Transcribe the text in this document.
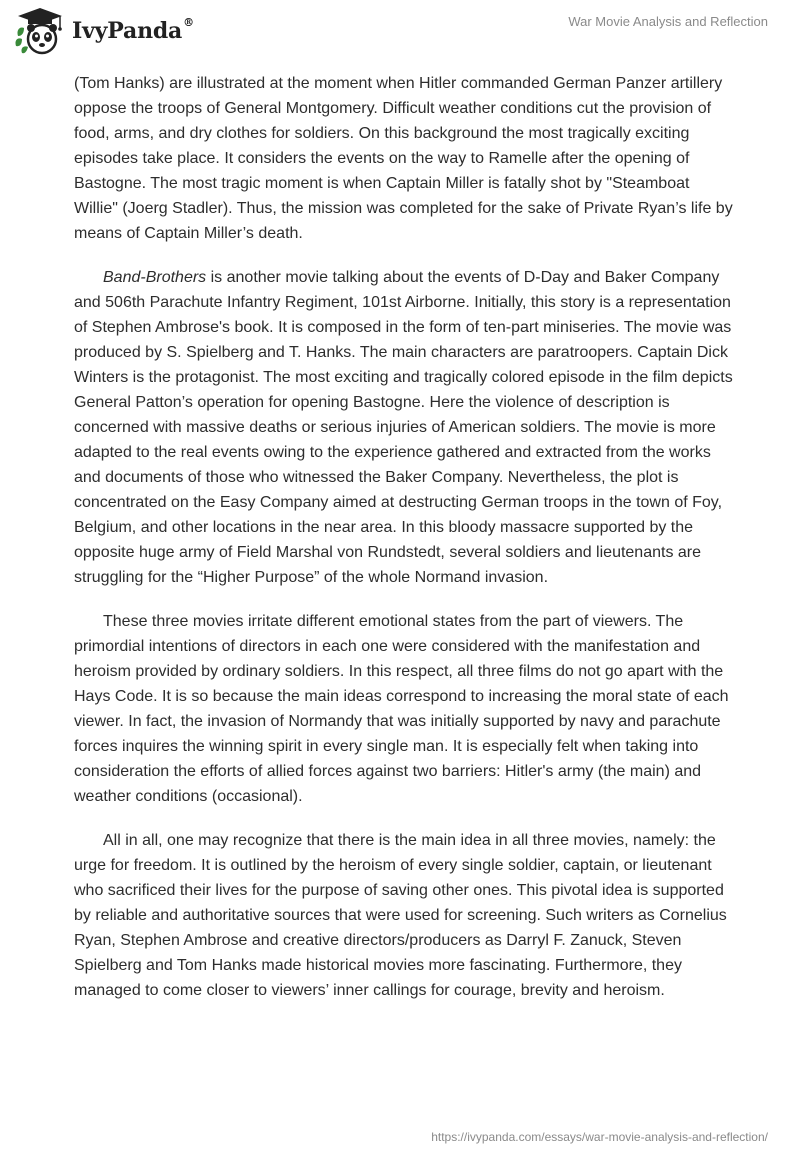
IvyPanda®	War Movie Analysis and Reflection

(Tom Hanks) are illustrated at the moment when Hitler commanded German Panzer artillery oppose the troops of General Montgomery. Difficult weather conditions cut the provision of food, arms, and dry clothes for soldiers. On this background the most tragically exciting episodes take place. It considers the events on the way to Ramelle after the opening of Bastogne. The most tragic moment is when Captain Miller is fatally shot by "Steamboat Willie" (Joerg Stadler). Thus, the mission was completed for the sake of Private Ryan’s life by means of Captain Miller’s death.

Band-Brothers is another movie talking about the events of D-Day and Baker Company and 506th Parachute Infantry Regiment, 101st Airborne. Initially, this story is a representation of Stephen Ambrose's book. It is composed in the form of ten-part miniseries. The movie was produced by S. Spielberg and T. Hanks. The main characters are paratroopers. Captain Dick Winters is the protagonist. The most exciting and tragically colored episode in the film depicts General Patton’s operation for opening Bastogne. Here the violence of description is concerned with massive deaths or serious injuries of American soldiers. The movie is more adapted to the real events owing to the experience gathered and extracted from the works and documents of those who witnessed the Baker Company. Nevertheless, the plot is concentrated on the Easy Company aimed at destructing German troops in the town of Foy, Belgium, and other locations in the near area. In this bloody massacre supported by the opposite huge army of Field Marshal von Rundstedt, several soldiers and lieutenants are struggling for the “Higher Purpose” of the whole Normand invasion.

These three movies irritate different emotional states from the part of viewers. The primordial intentions of directors in each one were considered with the manifestation and heroism provided by ordinary soldiers. In this respect, all three films do not go apart with the Hays Code. It is so because the main ideas correspond to increasing the moral state of each viewer. In fact, the invasion of Normandy that was initially supported by navy and parachute forces inquires the winning spirit in every single man. It is especially felt when taking into consideration the efforts of allied forces against two barriers: Hitler's army (the main) and weather conditions (occasional).

All in all, one may recognize that there is the main idea in all three movies, namely: the urge for freedom. It is outlined by the heroism of every single soldier, captain, or lieutenant who sacrificed their lives for the purpose of saving other ones. This pivotal idea is supported by reliable and authoritative sources that were used for screening. Such writers as Cornelius Ryan, Stephen Ambrose and creative directors/producers as Darryl F. Zanuck, Steven Spielberg and Tom Hanks made historical movies more fascinating. Furthermore, they managed to come closer to viewers’ inner callings for courage, brevity and heroism.

https://ivypanda.com/essays/war-movie-analysis-and-reflection/
